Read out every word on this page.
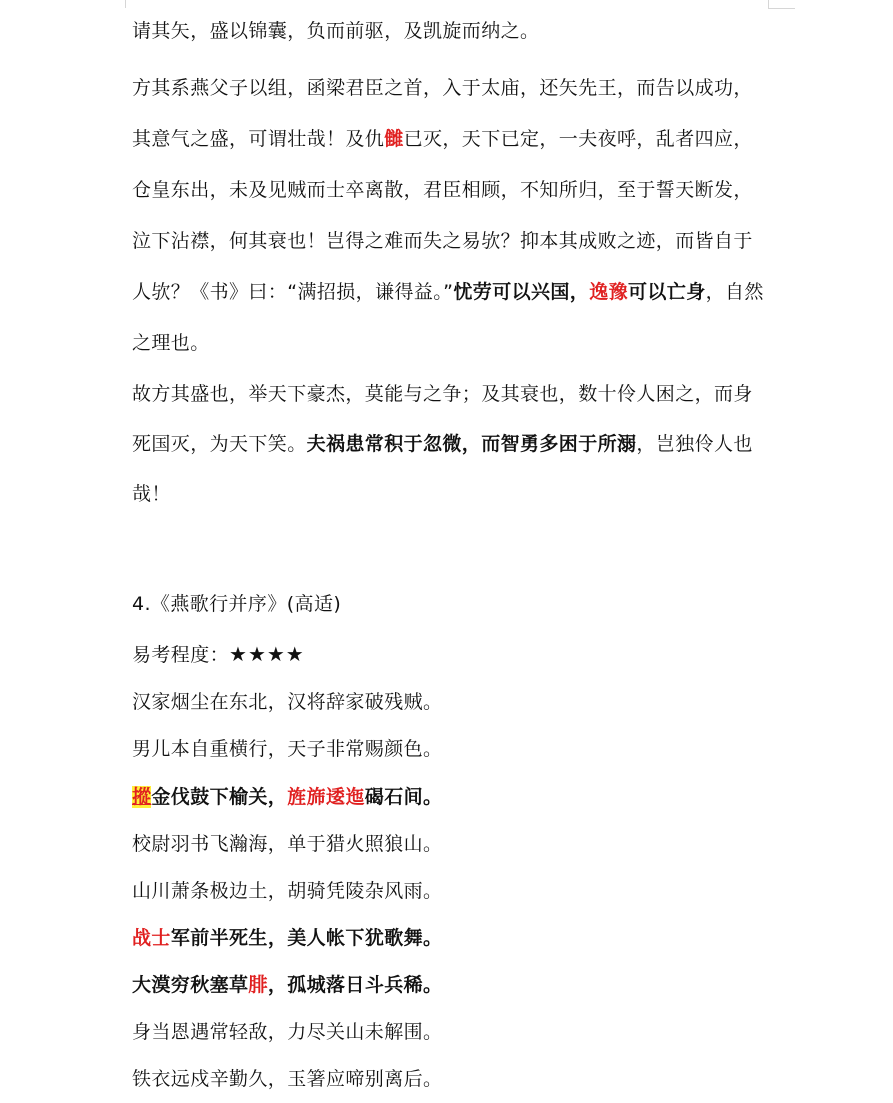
请其矢，盛以锦囊，负而前驱，及凯旋而纳之。

方其系燕父子以组，函梁君臣之首，入于太庙，还矢先王，而告以成功，

其意气之盛，可谓壮哉！及仇雠已灭，天下已定，一夫夜呼，乱者四应，

仓皇东出，未及见贼而士卒离散，君臣相顾，不知所归，至于誓天断发，

泣下沾襟，何其衰也！岂得之难而失之易欤？抑本其成败之迹，而皆自于

人欤？《书》曰：“满招损，谦得益。”忧劳可以兴国，逸豫可以亡身，自然

之理也。

故方其盛也，举天下豪杰，莫能与之争；及其衰也，数十伶人困之，而身

死国灭，为天下笑。夫祸患常积于忽微，而智勇多困于所溺，岂独伶人也

哉！

4.《燕歌行并序》(高适)

易考程度：★★★★

汉家烟尘在东北，汉将辞家破残贼。

男儿本自重横行，天子非常赐颜色。

摐金伐鼓下榆关，旌旆逶迤碣石间。

校尉羽书飞瀚海，单于猎火照狼山。

山川萧条极边土，胡骑凭陵杂风雨。

战士军前半死生，美人帐下犹歌舞。

大漠穷秋塞草腓，孤城落日斗兵稀。

身当恩遇常轻敌，力尽关山未解围。

铁衣远戍辛勤久，玉箸应啼别离后。
